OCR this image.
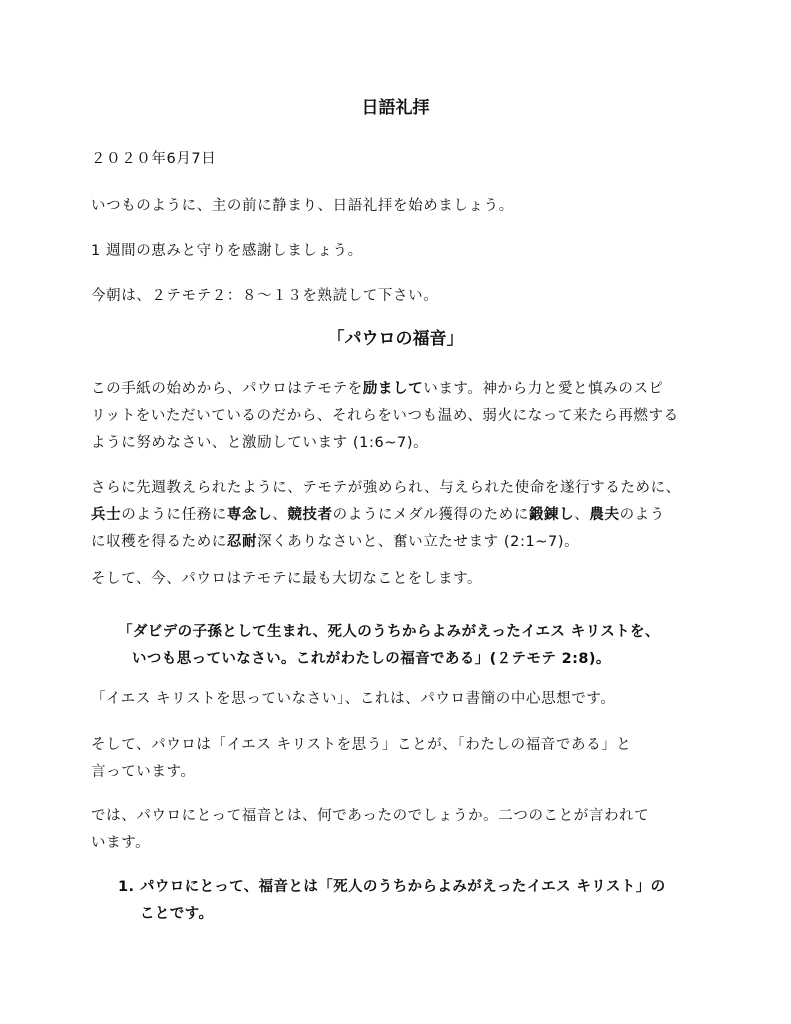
日語礼拝
２０２０年6月7日
いつものように、主の前に静まり、日語礼拝を始めましょう。
1 週間の恵みと守りを感謝しましょう。
今朝は、２テモテ２：８～１３を熟読して下さい。
「パウロの福音」
この手紙の始めから、パウロはテモテを励ましています。神から力と愛と慎みのスピ
リットをいただいているのだから、それらをいつも温め、弱火になって来たら再燃する
ように努めなさい、と激励しています (1:6~7)。
さらに先週教えられたように、テモテが強められ、与えられた使命を遂行するために、
兵士のように任務に専念し、競技者のようにメダル獲得のために鍛錬し、農夫のよう
に収穫を得るために忍耐深くありなさいと、奮い立たせます (2:1~7)。
そして、今、パウロはテモテに最も大切なことをします。
「ダビデの子孫として生まれ、死人のうちからよみがえったイエス キリストを、
いつも思っていなさい。これがわたしの福音である」(２テモテ 2:8)。
「イエス キリストを思っていなさい」、これは、パウロ書簡の中心思想です。
そして、パウロは「イエス キリストを思う」ことが、「わたしの福音である」と
言っています。
では、パウロにとって福音とは、何であったのでしょうか。二つのことが言われて
います。
1. パウロにとって、福音とは「死人のうちからよみがえったイエス キリスト」の
ことです。
